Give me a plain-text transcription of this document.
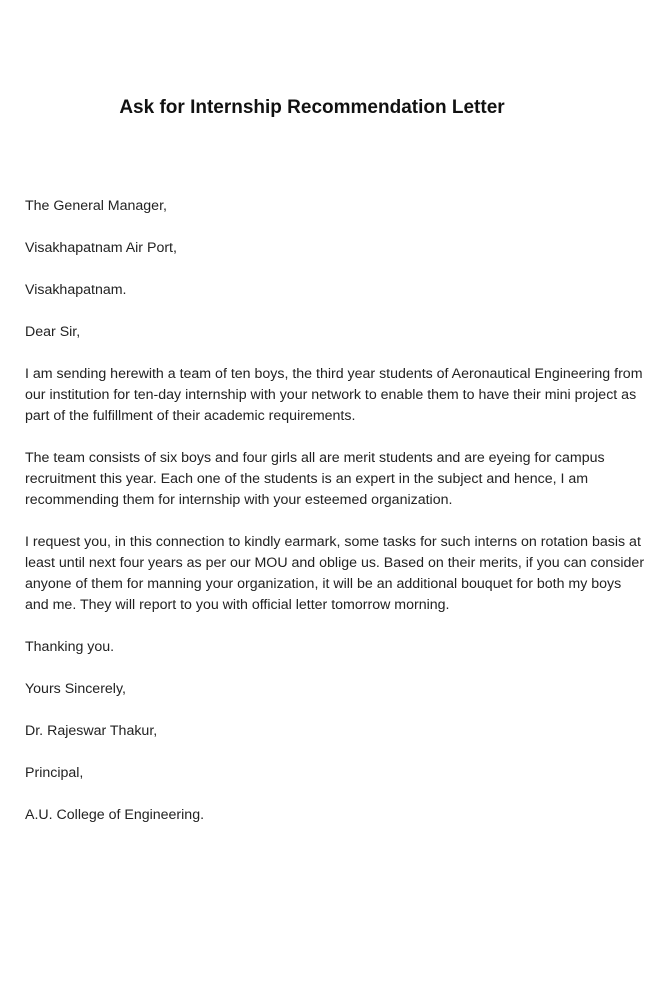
Ask for Internship Recommendation Letter

The General Manager,

Visakhapatnam Air Port,

Visakhapatnam.

Dear Sir,

I am sending herewith a team of ten boys, the third year students of Aeronautical Engineering from our institution for ten-day internship with your network to enable them to have their mini project as part of the fulfillment of their academic requirements.

The team consists of six boys and four girls all are merit students and are eyeing for campus recruitment this year. Each one of the students is an expert in the subject and hence, I am recommending them for internship with your esteemed organization.

I request you, in this connection to kindly earmark, some tasks for such interns on rotation basis at least until next four years as per our MOU and oblige us. Based on their merits, if you can consider anyone of them for manning your organization, it will be an additional bouquet for both my boys and me. They will report to you with official letter tomorrow morning.

Thanking you.

Yours Sincerely,

Dr. Rajeswar Thakur,

Principal,

A.U. College of Engineering.
